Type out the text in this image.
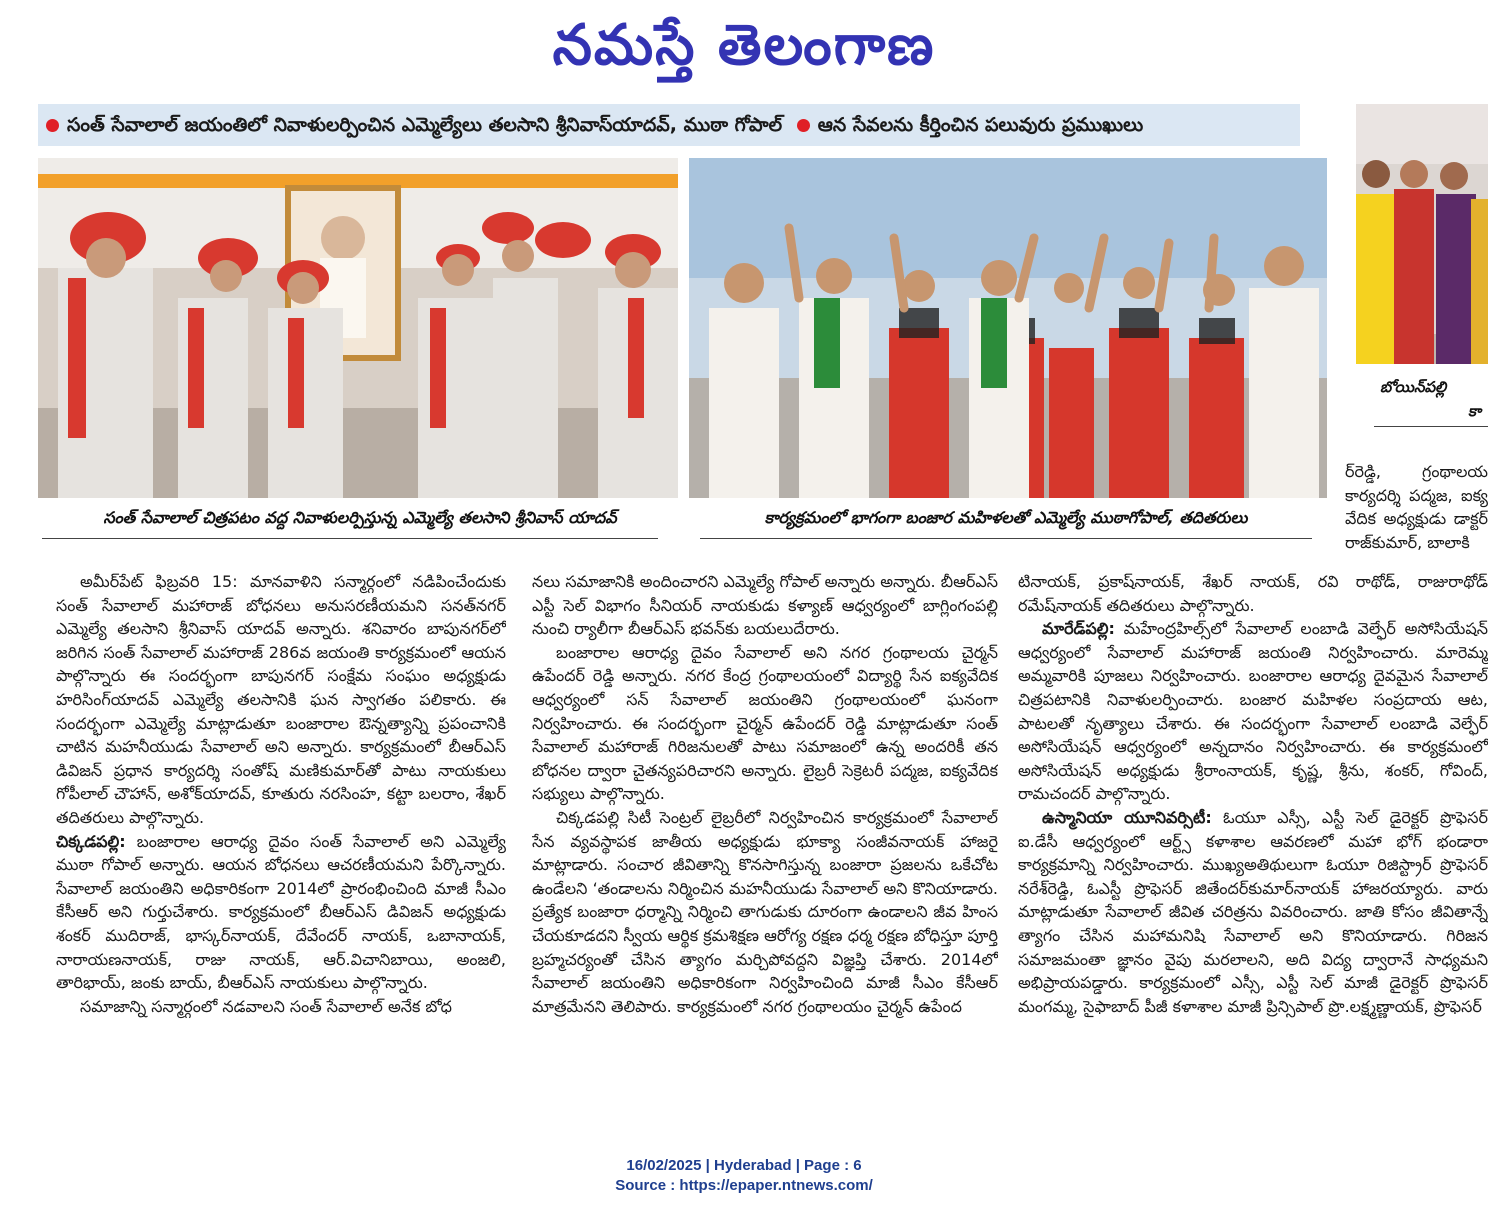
నమస్తే తెలంగాణ
సంత్ సేవాలాల్ జయంతిలో నివాళులర్పించిన ఎమ్మెల్యేలు తలసాని శ్రీనివాస్‌యాదవ్, ముఠా గోపాల్ ఆన సేవలను కీర్తించిన పలువురు ప్రముఖులు
సంత్ సేవాలాల్ చిత్రపటం వద్ద నివాళులర్పిస్తున్న ఎమ్మెల్యే తలసాని శ్రీనివాస్ యాదవ్	కార్యక్రమంలో భాగంగా బంజార మహిళలతో ఎమ్మెల్యే ముఠాగోపాల్, తదితరులు
బోయిన్‌పల్లి
కా

ర్‌రెడ్డి, గ్రంథాలయ కార్యదర్శి పద్మజ, ఐక్య వేదిక అధ్యక్షుడు డాక్టర్ రాజ్‌కుమార్, బాలాకి

అమీర్‌పేట్ ఫిబ్రవరి 15: మానవాళిని సన్మార్గంలో నడిపించేందుకు సంత్ సేవాలాల్ మహారాజ్ బోధనలు అనుసరణీయమని సనత్‌నగర్ ఎమ్మెల్యే తలసాని శ్రీనివాస్ యాదవ్ అన్నారు. శనివారం బాపునగర్‌లో జరిగిన సంత్ సేవాలాల్ మహారాజ్ 286వ జయంతి కార్యక్రమంలో ఆయన పాల్గొన్నారు ఈ సందర్భంగా బాపునగర్ సంక్షేమ సంఘం అధ్యక్షుడు హరిసింగ్‌యాదవ్ ఎమ్మెల్యే తలసానికి ఘన స్వాగతం పలికారు. ఈ సందర్భంగా ఎమ్మెల్యే మాట్లాడుతూ బంజారాల ఔన్నత్యాన్ని ప్రపంచానికి చాటిన మహనీయుడు సేవాలాల్ అని అన్నారు. కార్యక్రమంలో బీఆర్‌ఎస్ డివిజన్ ప్రధాన కార్యదర్శి సంతోష్ మణికుమార్‌తో పాటు నాయకులు గోపీలాల్ చౌహాన్, అశోక్‌యాదవ్, కూతురు నరసింహ, కట్టా బలరాం, శేఖర్ తదితరులు పాల్గొన్నారు.

చిక్కడపల్లి: బంజారాల ఆరాధ్య దైవం సంత్ సేవాలాల్ అని ఎమ్మెల్యే ముఠా గోపాల్ అన్నారు. ఆయన బోధనలు ఆచరణీయమని పేర్కొన్నారు. సేవాలాల్ జయంతిని అధికారికంగా 2014లో ప్రారంభించింది మాజీ సీఎం కేసీఆర్ అని గుర్తుచేశారు. కార్యక్రమంలో బీఆర్‌ఎస్ డివిజన్ అధ్యక్షుడు శంకర్ ముదిరాజ్, భాస్కర్‌నాయక్, దేవేందర్ నాయక్, ఒబానాయక్, నారాయణనాయక్, రాజు నాయక్, ఆర్.విచానిబాయి, అంజలి, తారిభాయ్, జంకు బాయ్, బీఆర్‌ఎస్ నాయకులు పాల్గొన్నారు.

సమాజాన్ని సన్మార్గంలో నడవాలని సంత్ సేవాలాల్ అనేక బోధ

నలు సమాజానికి అందించారని ఎమ్మెల్యే గోపాల్ అన్నారు అన్నారు. బీఆర్‌ఎస్ ఎస్టీ సెల్ విభాగం సీనియర్ నాయకుడు కళ్యాణ్ ఆధ్వర్యంలో బాగ్లింగంపల్లి నుంచి ర్యాలీగా బీఆర్‌ఎస్ భవన్‌కు బయలుదేరారు.

బంజారాల ఆరాధ్య దైవం సేవాలాల్ అని నగర గ్రంథాలయ చైర్మన్ ఉపేందర్ రెడ్డి అన్నారు. నగర కేంద్ర గ్రంథాలయంలో విద్యార్థి సేన ఐక్యవేదిక ఆధ్వర్యంలో సన్ సేవాలాల్ జయంతిని గ్రంథాలయంలో ఘనంగా నిర్వహించారు. ఈ సందర్భంగా చైర్మన్ ఉపేందర్ రెడ్డి మాట్లాడుతూ సంత్ సేవాలాల్ మహారాజ్ గిరిజనులతో పాటు సమాజంలో ఉన్న అందరికీ తన బోధనల ద్వారా చైతన్యపరిచారని అన్నారు. లైబ్రరీ సెక్రెటరీ పద్మజ, ఐక్యవేదిక సభ్యులు పాల్గొన్నారు.

చిక్కడపల్లి సిటీ సెంట్రల్ లైబ్రరీలో నిర్వహించిన కార్యక్రమంలో సేవాలాల్ సేన వ్యవస్థాపక జాతీయ అధ్యక్షుడు భూక్యా సంజీవనాయక్ హాజరై మాట్లాడారు. సంచార జీవితాన్ని కొనసాగిస్తున్న బంజారా ప్రజలను ఒకేచోట ఉండేలని ‘తండాలను నిర్మించిన మహనీయుడు సేవాలాల్ అని కొనియాడారు. ప్రత్యేక బంజారా ధర్మాన్ని నిర్మించి తాగుడుకు దూరంగా ఉండాలని జీవ హింస చేయకూడదని స్వీయ ఆర్థిక క్రమశిక్షణ ఆరోగ్య రక్షణ ధర్మ రక్షణ బోధిస్తూ పూర్తి బ్రహ్మచర్యంతో చేసిన త్యాగం మర్చిపోవద్దని విజ్ఞప్తి చేశారు. 2014లో సేవాలాల్ జయంతిని అధికారికంగా నిర్వహించింది మాజీ సీఎం కేసీఆర్ మాత్రమేనని తెలిపారు. కార్యక్రమంలో నగర గ్రంథాలయం చైర్మన్ ఉపేంద

టినాయక్, ప్రకాష్‌నాయక్, శేఖర్ నాయక్, రవి రాథోడ్, రాజురాథోడ్ రమేష్‌నాయక్ తదితరులు పాల్గొన్నారు.

మారేడ్‌పల్లి: మహేంద్రహిల్స్‌లో సేవాలాల్ లంబాడి వెల్ఫేర్ అసోసియేషన్ ఆధ్వర్యంలో సేవాలాల్ మహారాజ్ జయంతి నిర్వహించారు. మారెమ్మ అమ్మవారికి పూజలు నిర్వహించారు. బంజారాల ఆరాధ్య దైవమైన సేవాలాల్ చిత్రపటానికి నివాళులర్పించారు. బంజార మహిళల సంప్రదాయ ఆట, పాటలతో నృత్యాలు చేశారు. ఈ సందర్భంగా సేవాలాల్ లంబాడి వెల్ఫేర్ అసోసియేషన్ ఆధ్వర్యంలో అన్నదానం నిర్వహించారు. ఈ కార్యక్రమంలో అసోసియేషన్ అధ్యక్షుడు శ్రీరాంనాయక్, కృష్ణ, శ్రీను, శంకర్, గోవింద్, రామచందర్ పాల్గొన్నారు.

ఉస్మానియా యూనివర్సిటీ: ఓయూ ఎస్సీ, ఎస్టీ సెల్ డైరెక్టర్ ప్రొఫెసర్ ఐ.డేసీ ఆధ్వర్యంలో ఆర్ట్స్ కళాశాల ఆవరణలో మహా భోగ్ భండారా కార్యక్రమాన్ని నిర్వహించారు. ముఖ్యఅతిథులుగా ఓయూ రిజిస్ట్రార్ ప్రొఫెసర్ నరేశ్‌రెడ్డి, ఓఎస్టీ ప్రొఫెసర్ జితేందర్‌కుమార్‌నాయక్ హాజరయ్యారు. వారు మాట్లాడుతూ సేవాలాల్ జీవిత చరిత్రను వివరించారు. జాతి కోసం జీవితాన్నే త్యాగం చేసిన మహామనిషి సేవాలాల్ అని కొనియాడారు. గిరిజన సమాజమంతా జ్ఞానం వైపు మరలాలని, అది విద్య ద్వారానే సాధ్యమని అభిప్రాయపడ్డారు. కార్యక్రమంలో ఎస్సీ, ఎస్టీ సెల్ మాజీ డైరెక్టర్ ప్రొఫెసర్ మంగమ్మ, సైఫాబాద్ పీజీ కళాశాల మాజీ ప్రిన్సిపాల్ ప్రొ.లక్ష్మణ్ణాయక్, ప్రొఫెసర్

16/02/2025 | Hyderabad | Page : 6
Source : https://epaper.ntnews.com/
